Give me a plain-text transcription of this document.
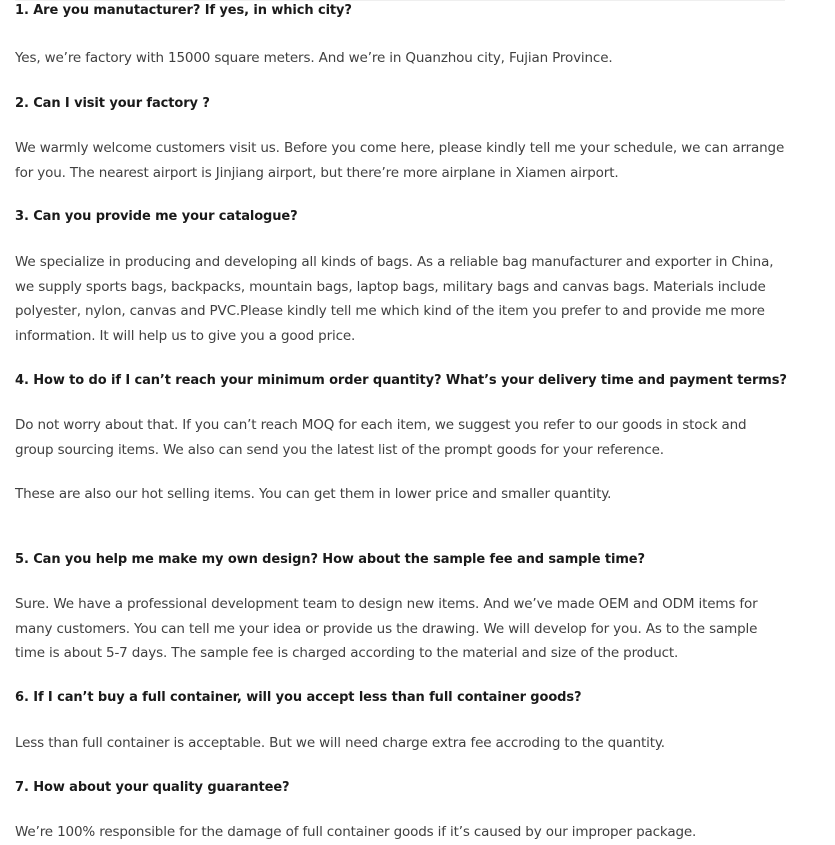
1. Are you manutacturer? If yes, in which city?

Yes, we’re factory with 15000 square meters. And we’re in Quanzhou city, Fujian Province.

2. Can I visit your factory ?

We warmly welcome customers visit us. Before you come here, please kindly tell me your schedule, we can arrange
for you. The nearest airport is Jinjiang airport, but there’re more airplane in Xiamen airport.

3. Can you provide me your catalogue?

We specialize in producing and developing all kinds of bags. As a reliable bag manufacturer and exporter in China,
we supply sports bags, backpacks, mountain bags, laptop bags, military bags and canvas bags. Materials include
polyester, nylon, canvas and PVC.Please kindly tell me which kind of the item you prefer to and provide me more
information. It will help us to give you a good price.

4. How to do if I can’t reach your minimum order quantity? What’s your delivery time and payment terms?

Do not worry about that. If you can’t reach MOQ for each item, we suggest you refer to our goods in stock and
group sourcing items. We also can send you the latest list of the prompt goods for your reference.
These are also our hot selling items. You can get them in lower price and smaller quantity.

5. Can you help me make my own design? How about the sample fee and sample time?

Sure. We have a professional development team to design new items. And we’ve made OEM and ODM items for
many customers. You can tell me your idea or provide us the drawing. We will develop for you. As to the sample
time is about 5-7 days. The sample fee is charged according to the material and size of the product.

6. If I can’t buy a full container, will you accept less than full container goods?

Less than full container is acceptable. But we will need charge extra fee accroding to the quantity.

7. How about your quality guarantee?

We’re 100% responsible for the damage of full container goods if it’s caused by our improper package.
